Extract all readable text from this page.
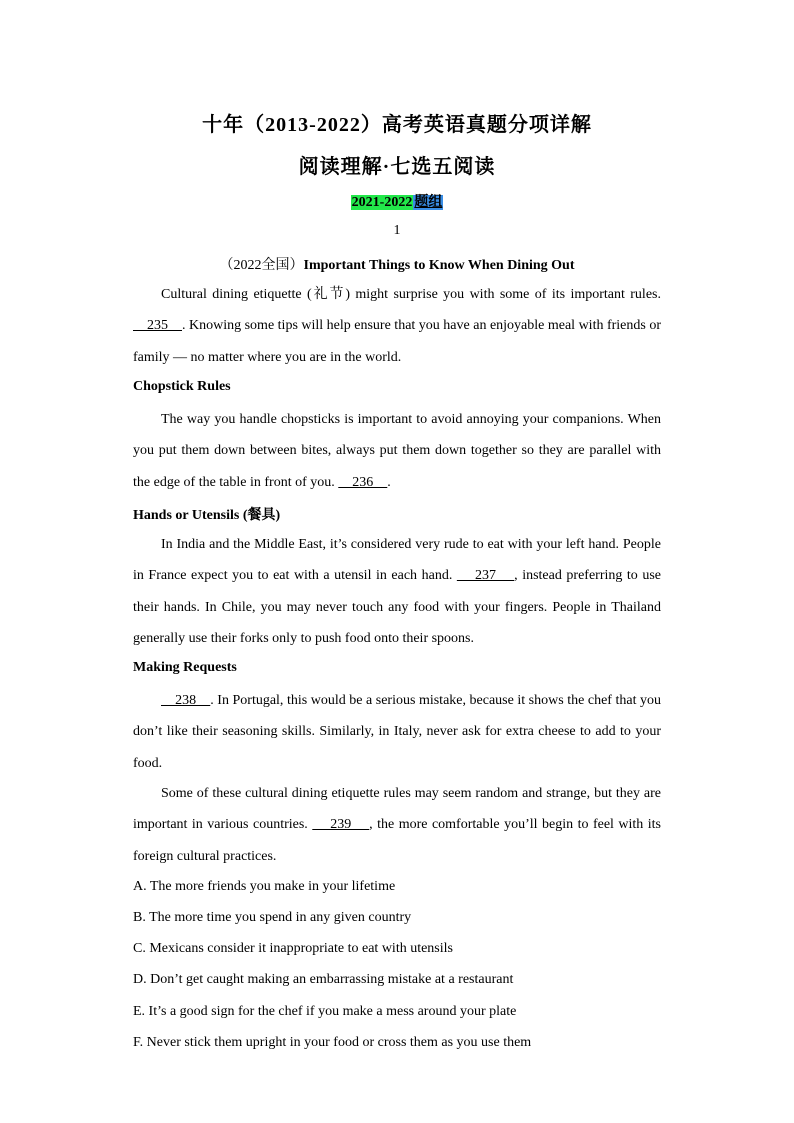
十年（2013-2022）高考英语真题分项详解
阅读理解·七选五阅读
2021-2022 题组
1
（2022全国）Important Things to Know When Dining Out
Cultural dining etiquette (礼节) might surprise you with some of its important rules.     235    . Knowing some tips will help ensure that you have an enjoyable meal with friends or family — no matter where you are in the world.
Chopstick Rules
The way you handle chopsticks is important to avoid annoying your companions. When you put them down between bites, always put them down together so they are parallel with the edge of the table in front of you.     236    .
Hands or Utensils (餐具)
In India and the Middle East, it’s considered very rude to eat with your left hand. People in France expect you to eat with a utensil in each hand.     237    , instead preferring to use their hands. In Chile, you may never touch any food with your fingers. People in Thailand generally use their forks only to push food onto their spoons.
Making Requests
238    . In Portugal, this would be a serious mistake, because it shows the chef that you don’t like their seasoning skills. Similarly, in Italy, never ask for extra cheese to add to your food.
Some of these cultural dining etiquette rules may seem random and strange, but they are important in various countries.     239    , the more comfortable you’ll begin to feel with its foreign cultural practices.
A. The more friends you make in your lifetime
B. The more time you spend in any given country
C. Mexicans consider it inappropriate to eat with utensils
D. Don’t get caught making an embarrassing mistake at a restaurant
E. It’s a good sign for the chef if you make a mess around your plate
F. Never stick them upright in your food or cross them as you use them
